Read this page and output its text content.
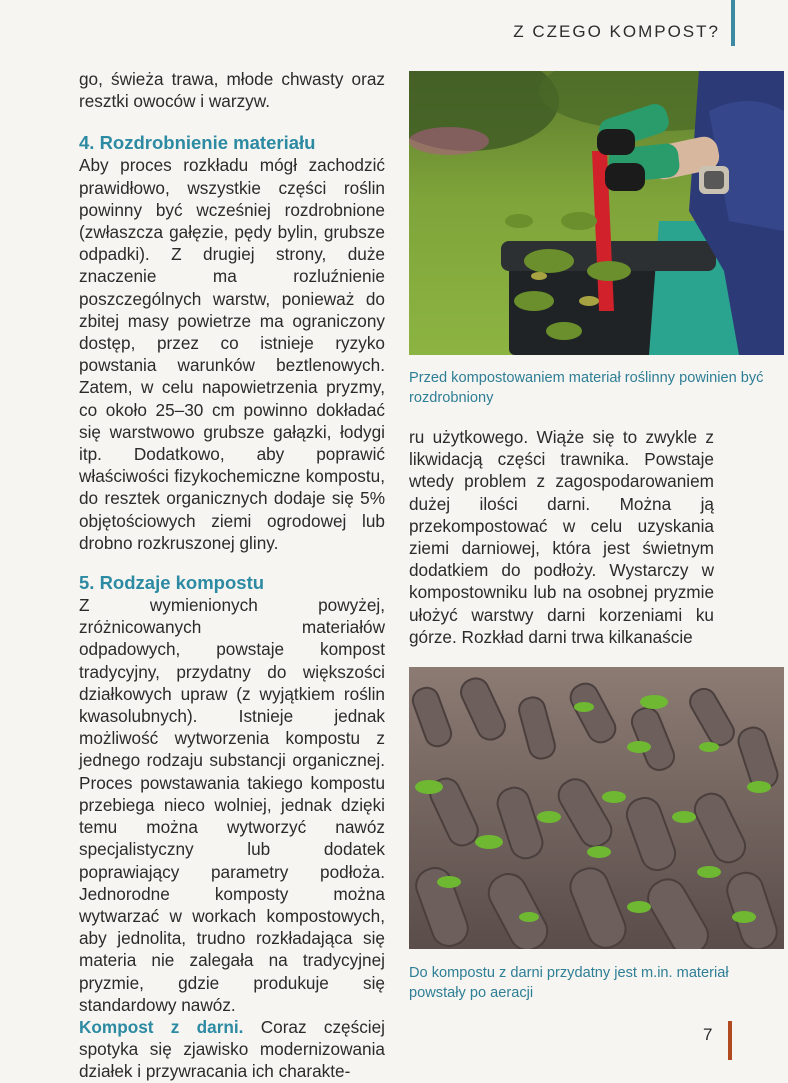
Z CZEGO KOMPOST?

go, świeża trawa, młode chwasty oraz resztki owoców i warzyw.

4. Rozdrobnienie materiału

Aby proces rozkładu mógł zachodzić prawidłowo, wszystkie części roślin powinny być wcześniej rozdrobnione (zwłaszcza gałęzie, pędy bylin, grubsze odpadki). Z drugiej strony, duże znaczenie ma rozluźnienie poszczególnych warstw, ponieważ do zbitej masy powietrze ma ograniczony dostęp, przez co istnieje ryzyko powstania warunków beztlenowych. Zatem, w celu napowietrzenia pryzmy, co około 25–30 cm powinno dokładać się warstwowo grubsze gałązki, łodygi itp. Dodatkowo, aby poprawić właściwości fizykochemiczne kompostu, do resztek organicznych dodaje się 5% objętościowych ziemi ogrodowej lub drobno rozkruszonej gliny.

5. Rodzaje kompostu

Z wymienionych powyżej, zróżnicowanych materiałów odpadowych, powstaje kompost tradycyjny, przydatny do większości działkowych upraw (z wyjątkiem roślin kwasolubnych). Istnieje jednak możliwość wytworzenia kompostu z jednego rodzaju substancji organicznej. Proces powstawania takiego kompostu przebiega nieco wolniej, jednak dzięki temu można wytworzyć nawóz specjalistyczny lub dodatek poprawiający parametry podłoża. Jednorodne komposty można wytwarzać w workach kompostowych, aby jednolita, trudno rozkładająca się materia nie zalegała na tradycyjnej pryzmie, gdzie produkuje się standardowy nawóz.

Kompost z darni. Coraz częściej spotyka się zjawisko modernizowania działek i przywracania ich charakte-

Przed kompostowaniem materiał roślinny powinien być rozdrobniony

ru użytkowego. Wiąże się to zwykle z likwidacją części trawnika. Powstaje wtedy problem z zagospodarowaniem dużej ilości darni. Można ją przekompostować w celu uzyskania ziemi darniowej, która jest świetnym dodatkiem do podłoży. Wystarczy w kompostowniku lub na osobnej pryzmie ułożyć warstwy darni korzeniami ku górze. Rozkład darni trwa kilkanaście

Do kompostu z darni przydatny jest m.in. materiał powstały po aeracji
7
